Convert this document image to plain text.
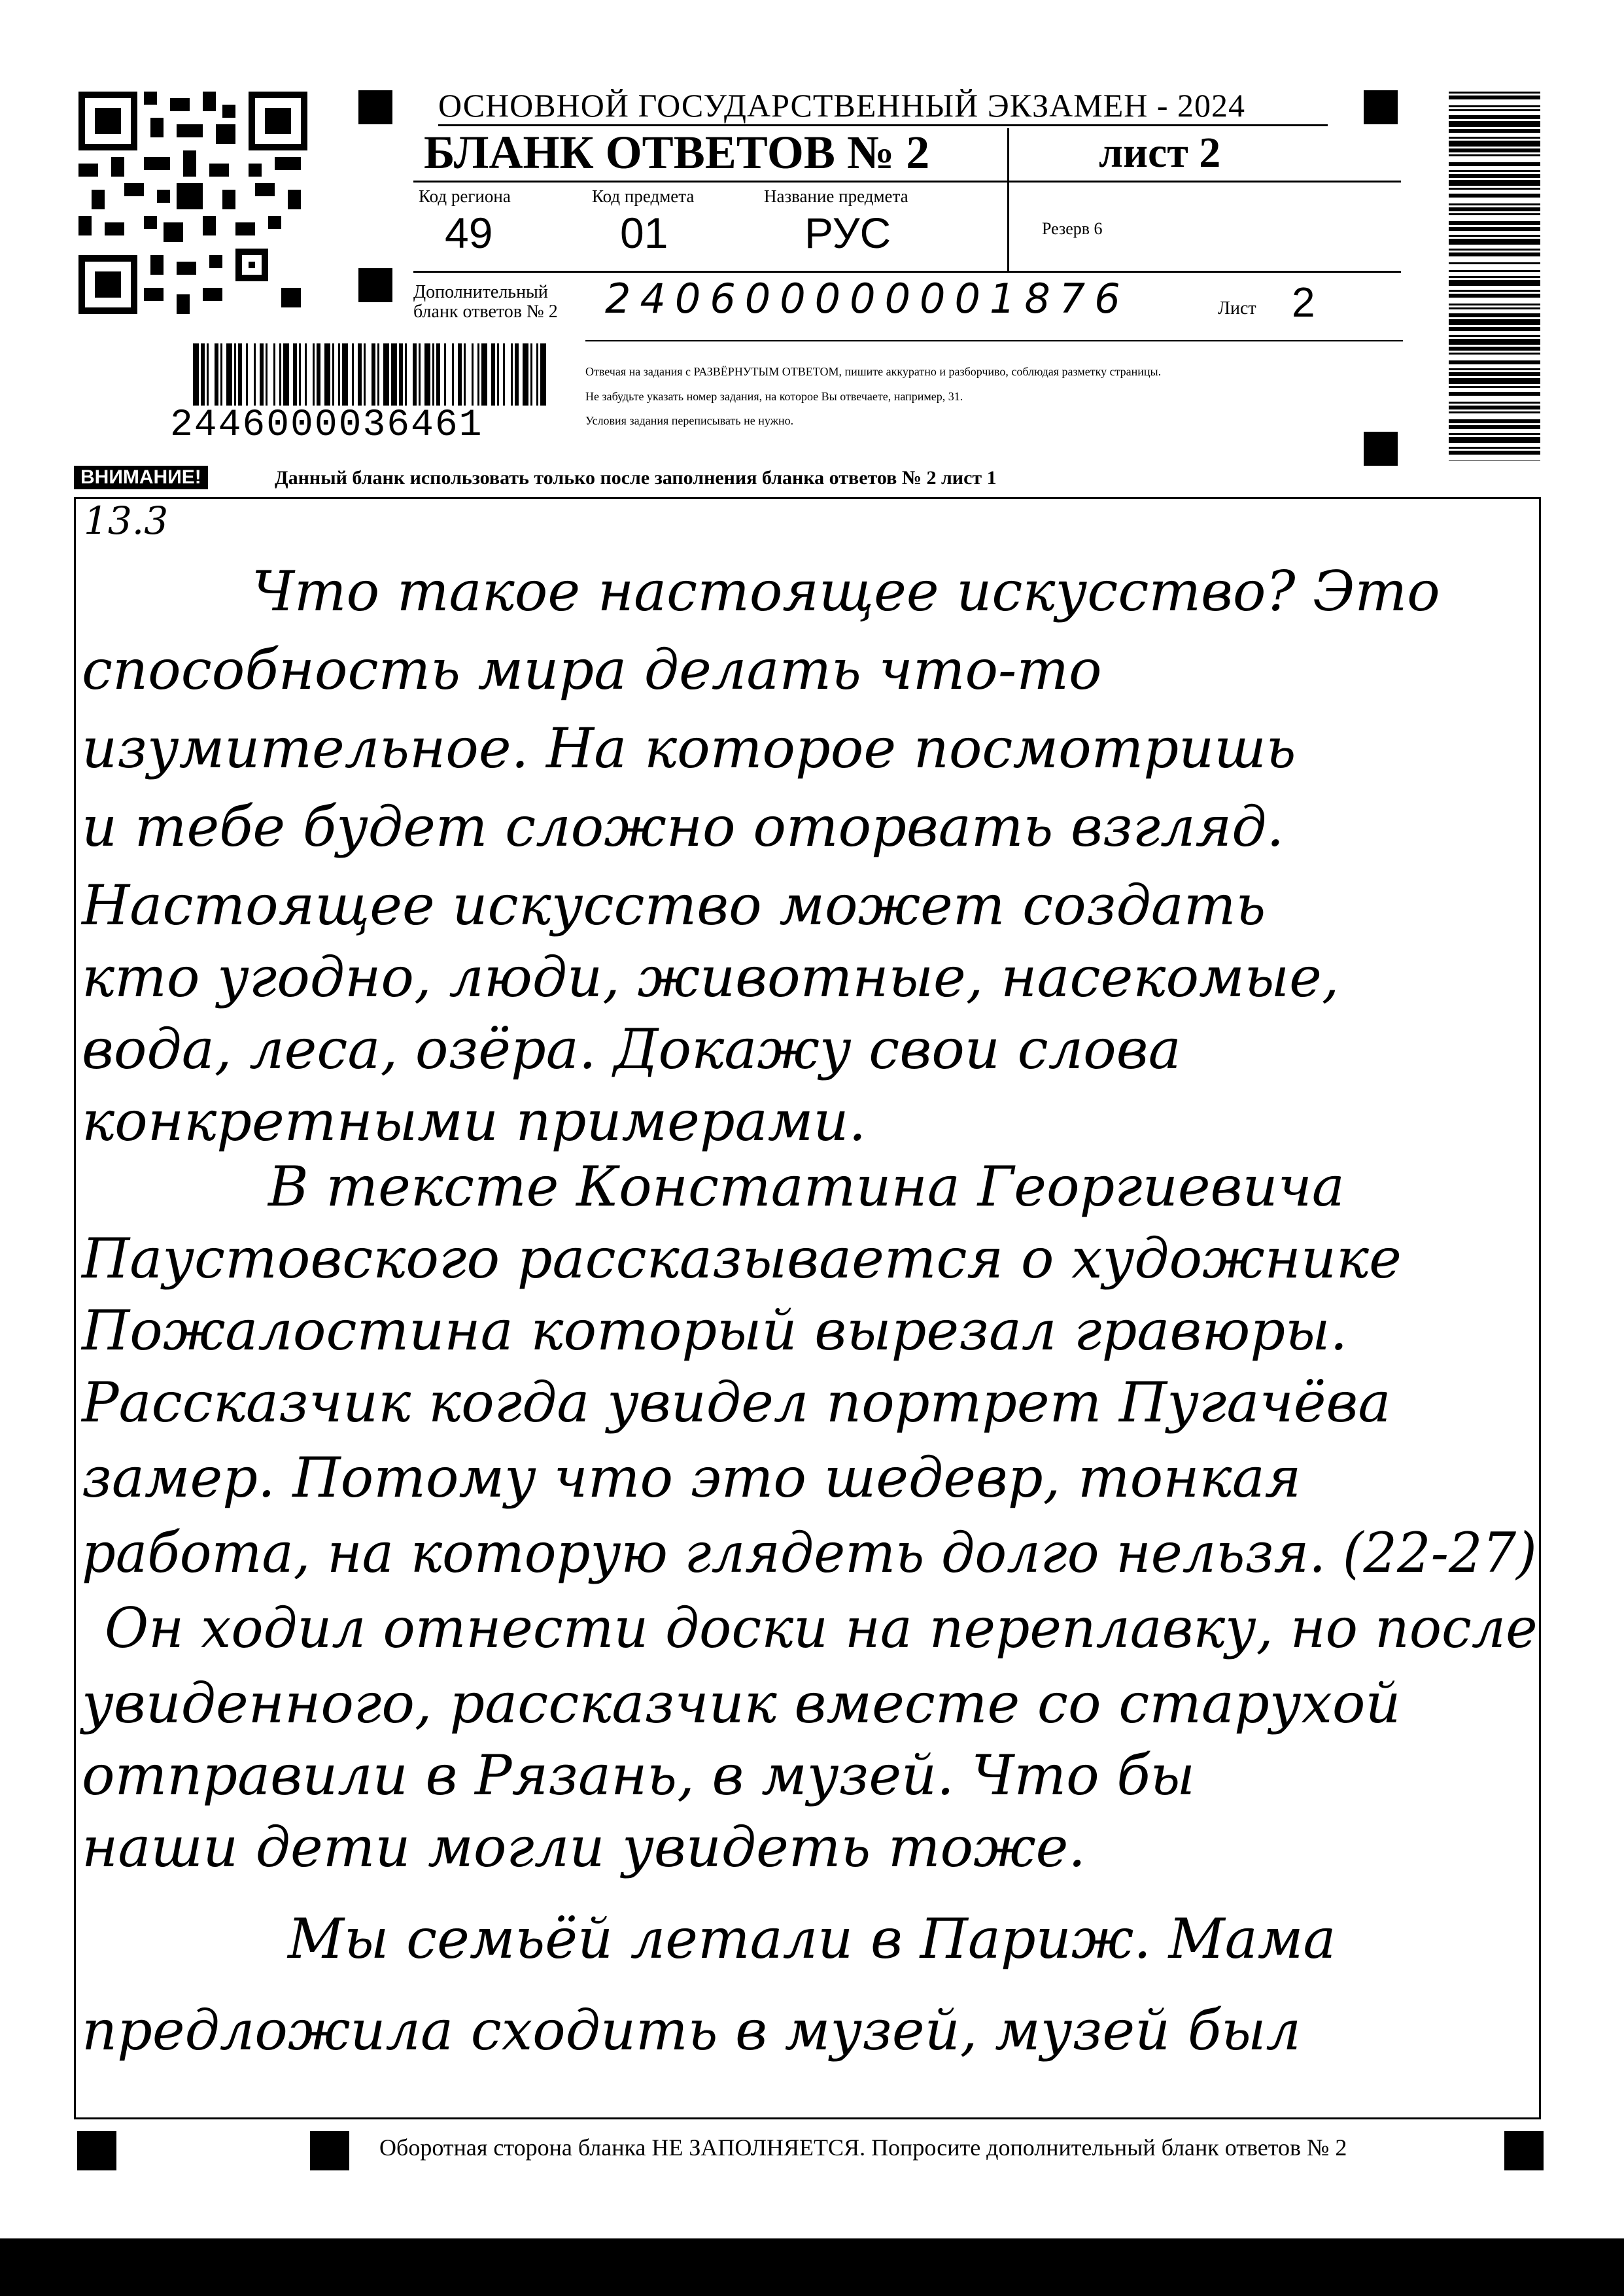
ОСНОВНОЙ ГОСУДАРСТВЕННЫЙ ЭКЗАМЕН - 2024
БЛАНК ОТВЕТОВ № 2	лист 2
Код региона
49
Код предмета
01
Название предмета
РУС	Резерв 6
Дополнительный
бланк ответов № 2 240600000001876	Лист 2
Отвечая на задания с РАЗВЁРНУТЫМ ОТВЕТОМ, пишите аккуратно и разборчиво, соблюдая разметку страницы.
Не забудьте указать номер задания, на которое Вы отвечаете, например, 31.
Условия задания переписывать не нужно.
2446000036461
ВНИМАНИЕ!	Данный бланк использовать только после заполнения бланка ответов № 2 лист 1
13.3
Что такое настоящее искусство? Это
способность мира делать что-то
изумительное. На которое посмотришь
и тебе будет сложно оторвать взгляд.
Настоящее искусство может создать
кто угодно, люди, животные, насекомые,
вода, леса, озёра. Докажу свои слова
конкретными примерами.
В тексте Констатина Георгиевича
Паустовского рассказывается о художнике
Пожалостина который вырезал гравюры.
Рассказчик когда увидел портрет Пугачёва
замер. Потому что это шедевр, тонкая
работа, на которую глядеть долго нельзя. (22-27)
Он ходил отнести доски на переплавку, но после
увиденного, рассказчик вместе со старухой
отправили в Рязань, в музей. Что бы
наши дети могли увидеть тоже.
Мы семьёй летали в Париж. Мама
предложила сходить в музей, музей был
Оборотная сторона бланка НЕ ЗАПОЛНЯЕТСЯ. Попросите дополнительный бланк ответов № 2
